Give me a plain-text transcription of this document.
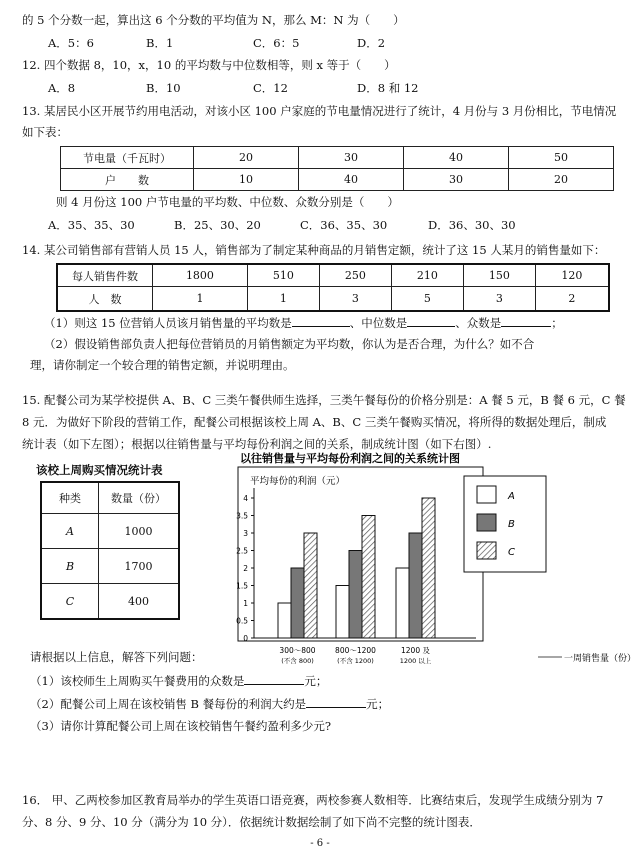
的 5 个分数一起，算出这 6 个分数的平均值为 N，那么 M：N 为（　　）
A．5：6	B．1	C．6：5	D．2
12. 四个数据 8，10，x，10 的平均数与中位数相等，则 x 等于（　　）
A．8	B．10	C．12	D．8 和 12
13. 某居民小区开展节约用电活动，对该小区 100 户家庭的节电量情况进行了统计，4 月份与 3 月份相比，节电情况
如下表：
节电量（千瓦时）	20	30	40	50
户　　数	10	40	30	20
则 4 月份这 100 户节电量的平均数、中位数、众数分别是（　　）
A．35、35、30	B．25、30、20	C．36、35、30	D．36、30、30
14. 某公司销售部有营销人员 15 人，销售部为了制定某种商品的月销售定额，统计了这 15 人某月的销售量如下：
每人销售件数	1800	510	250	210	150	120
人　数	1	1	3	5	3	2
（1）则这 15 位营销人员该月销售量的平均数是	、中位数是	、众数是	；
（2）假设销售部负责人把每位营销员的月销售额定为平均数，你认为是否合理，为什么？如不合
理，请你制定一个较合理的销售定额，并说明理由。
15. 配餐公司为某学校提供 A、B、C 三类午餐供师生选择，三类午餐每份的价格分别是：A 餐 5 元，B 餐 6 元，C 餐
8 元．为做好下阶段的营销工作，配餐公司根据该校上周 A、B、C 三类午餐购买情况，将所得的数据处理后，制成
统计表（如下左图）；根据以往销售量与平均每份利润之间的关系，制成统计图（如下右图）.
该校上周购买情况统计表
种类	数量（份）
A	1000
B	1700
C	400
以往销售量与平均每份利润之间的关系统计图
平均每份的利润（元）
0
0.5
1
1.5
2
2.5
3
3.5
4
300～800
(不含 800)
800～1200
(不含 1200)
1200 及
1200 以上	一周销售量（份）
A
B
C
请根据以上信息，解答下列问题：
（1）该校师生上周购买午餐费用的众数是	元；
（2）配餐公司上周在该校销售 B 餐每份的利润大约是	元；
（3）请你计算配餐公司上周在该校销售午餐约盈利多少元?
16． 甲、乙两校参加区教育局举办的学生英语口语竞赛，两校参赛人数相等．比赛结束后，发现学生成绩分别为 7
分、8 分、9 分、10 分（满分为 10 分）．依据统计数据绘制了如下尚不完整的统计图表．
- 6 -
